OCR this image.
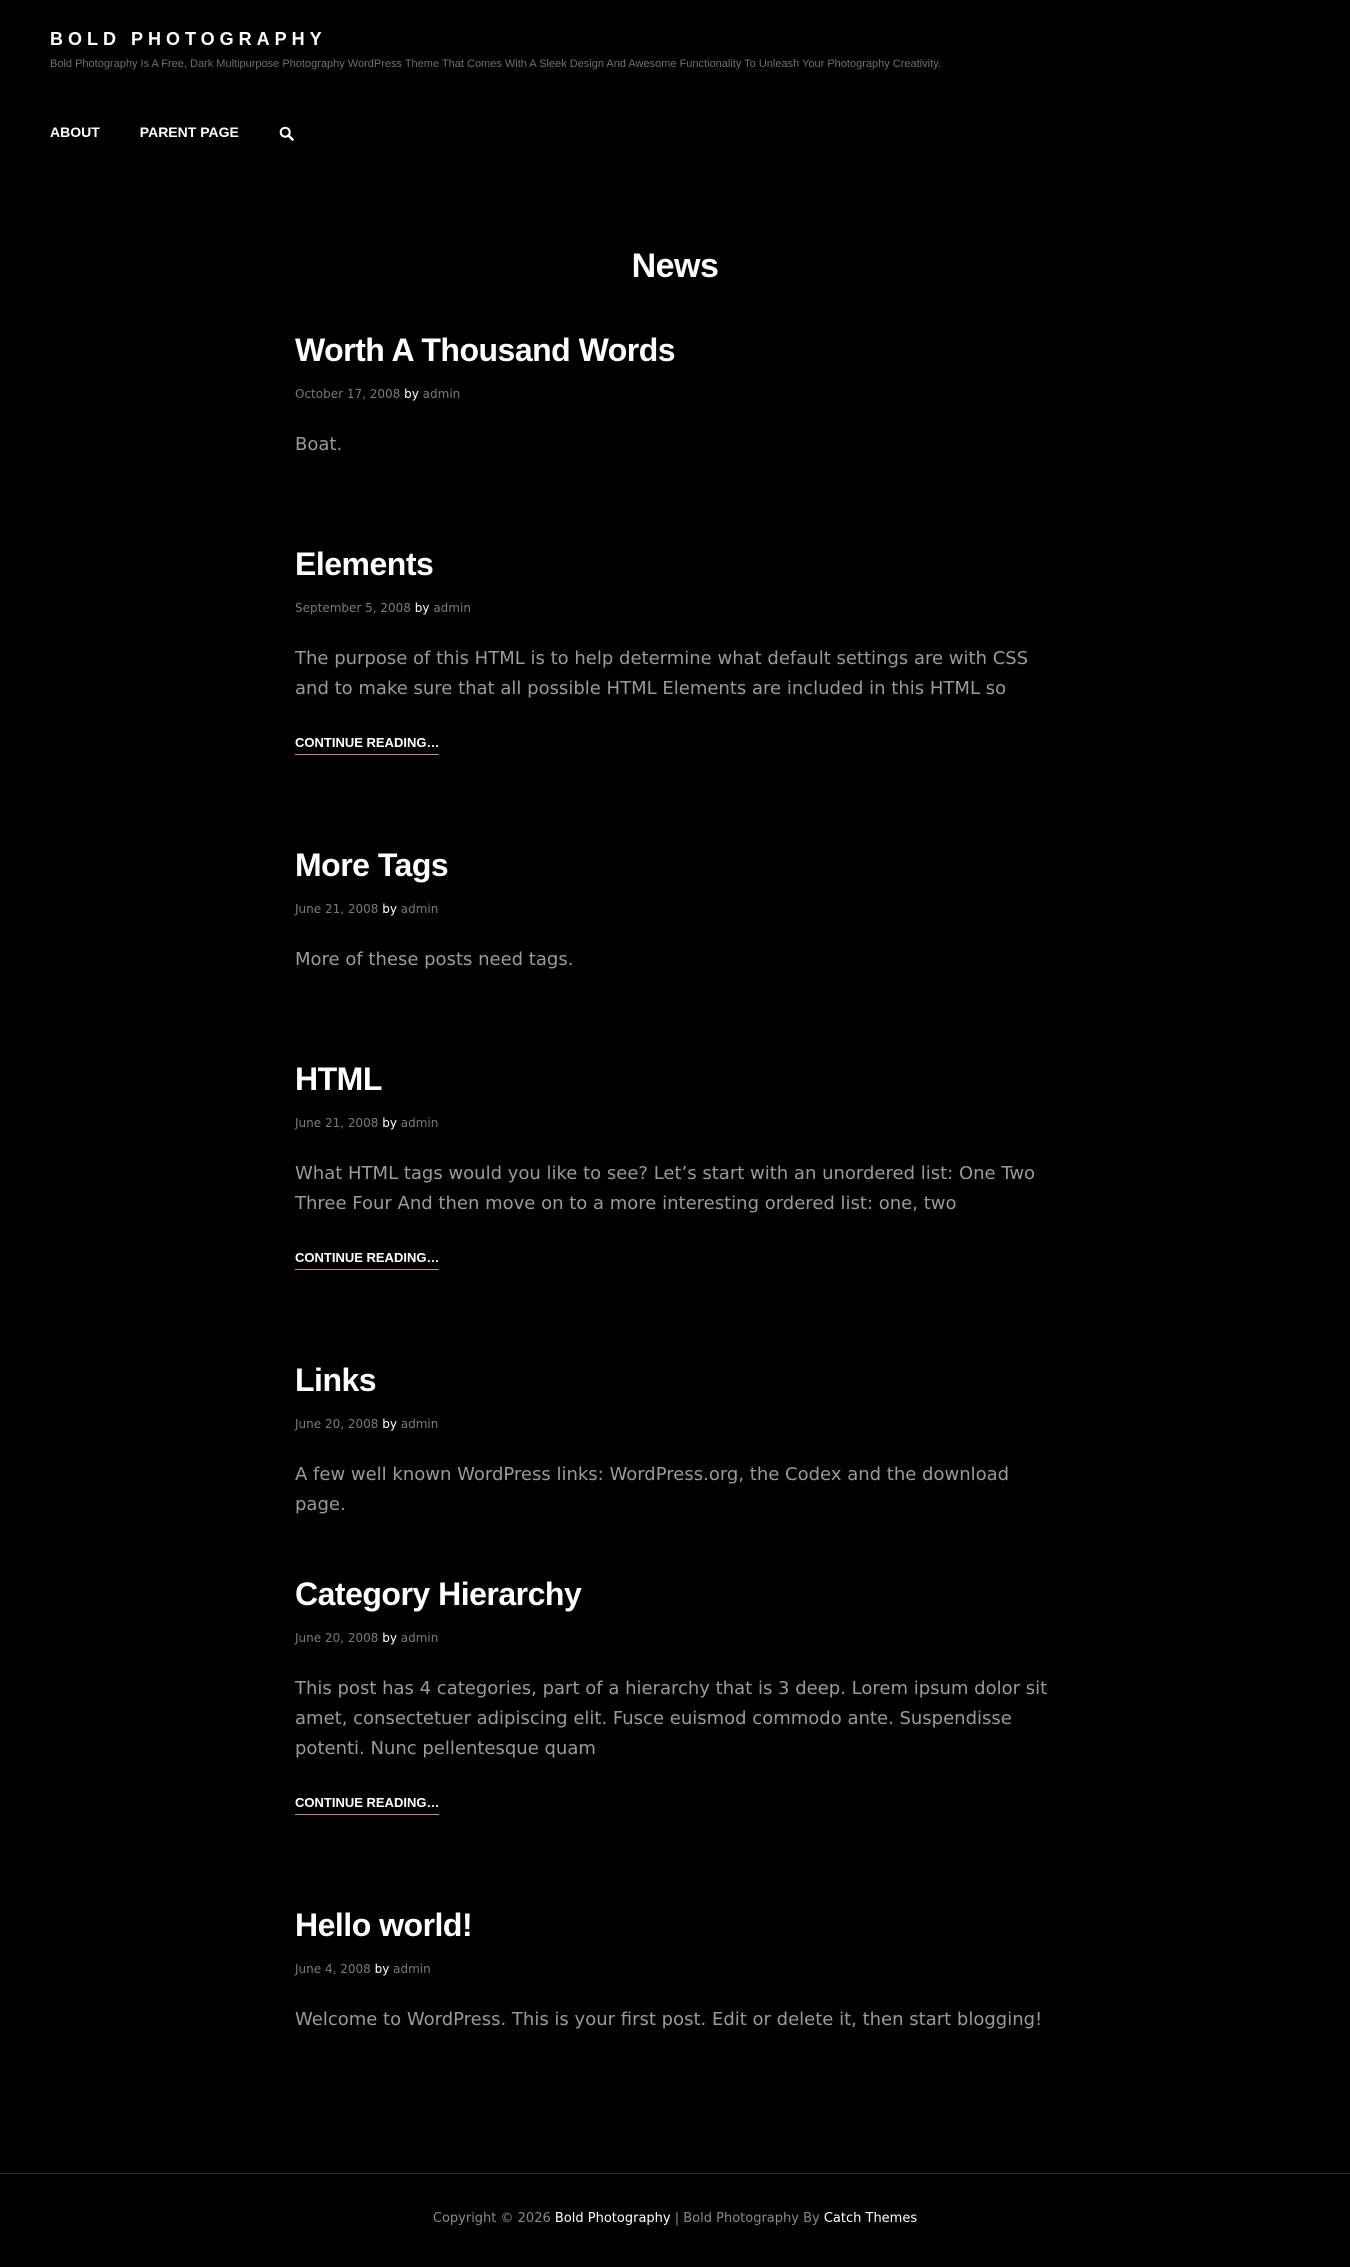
BOLD PHOTOGRAPHY
Bold Photography Is A Free, Dark Multipurpose Photography WordPress Theme That Comes With A Sleek Design And Awesome Functionality To Unleash Your Photography Creativity.
ABOUT	PARENT PAGE
News
Worth A Thousand Words
October 17, 2008 by admin
Boat.
Elements
September 5, 2008 by admin
The purpose of this HTML is to help determine what default settings are with CSS and to make sure that all possible HTML Elements are included in this HTML so
CONTINUE READING…
More Tags
June 21, 2008 by admin
More of these posts need tags.
HTML
June 21, 2008 by admin
What HTML tags would you like to see? Let’s start with an unordered list: One Two Three Four And then move on to a more interesting ordered list: one, two
CONTINUE READING…
Links
June 20, 2008 by admin
A few well known WordPress links: WordPress.org, the Codex and the download page.
Category Hierarchy
June 20, 2008 by admin
This post has 4 categories, part of a hierarchy that is 3 deep. Lorem ipsum dolor sit amet, consectetuer adipiscing elit. Fusce euismod commodo ante. Suspendisse potenti. Nunc pellentesque quam
CONTINUE READING…
Hello world!
June 4, 2008 by admin
Welcome to WordPress. This is your first post. Edit or delete it, then start blogging!
Copyright © 2026 Bold Photography | Bold Photography By Catch Themes
